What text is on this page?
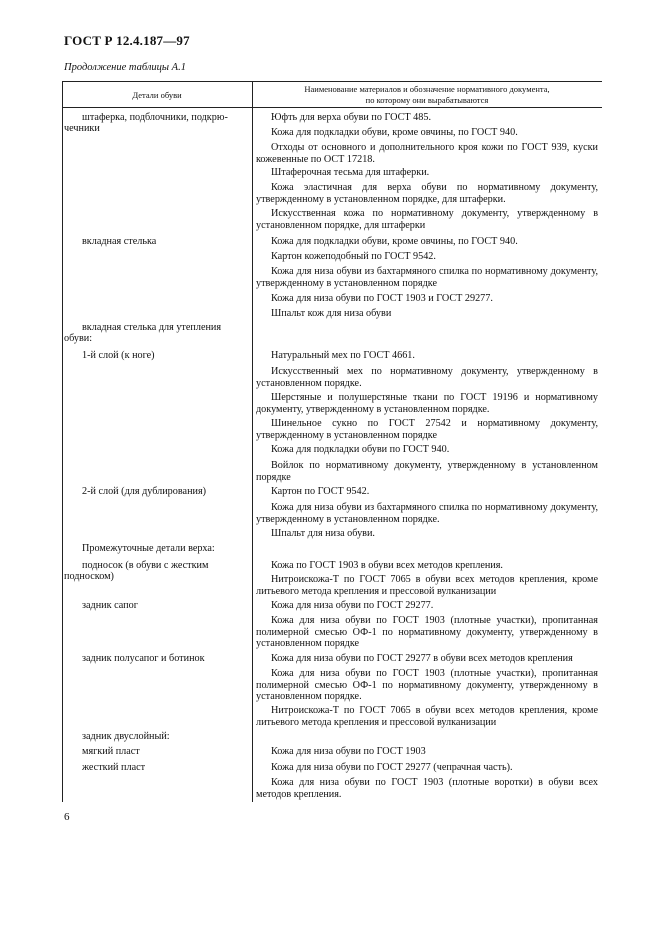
ГОСТ Р 12.4.187—97
Продолжение таблицы А.1
Детали обуви
Наименование материалов и обозначение нормативного документа,
по которому они вырабатываются
штаферка, подблочники, подкрю-
чечники
вкладная стелька
вкладная стелька для утепления
обуви:
1-й слой (к ноге)
2-й слой (для дублирования)
Промежуточные детали верха:
подносок (в обуви с жестким
подноском)
задник сапог
задник полусапог и ботинок
задник двуслойный:
мягкий пласт
жесткий пласт
Юфть для верха обуви по ГОСТ 485.
Кожа для подкладки обуви, кроме овчины, по ГОСТ 940.
Отходы от основного и дополнительного кроя кожи по ГОСТ 939, куски кожевенные по ОСТ 17218.
Штаферочная тесьма для штаферки.
Кожа эластичная для верха обуви по нормативному документу, утвержденному в установленном порядке, для штаферки.
Искусственная кожа по нормативному документу, утвержденному в установленном порядке, для штаферки
Кожа для подкладки обуви, кроме овчины, по ГОСТ 940.
Картон кожеподобный по ГОСТ 9542.
Кожа для низа обуви из бахтармяного спилка по нормативному документу, утвержденному в установленном порядке
Кожа для низа обуви по ГОСТ 1903 и ГОСТ 29277.
Шпальт кож для низа обуви
Натуральный мех по ГОСТ 4661.
Искусственный мех по нормативному документу, утвержденному в установленном порядке.
Шерстяные и полушерстяные ткани по ГОСТ 19196 и нормативному документу, утвержденному в установленном порядке.
Шинельное сукно по ГОСТ 27542 и нормативному документу, утвержденному в установленном порядке
Кожа для подкладки обуви по ГОСТ 940.
Войлок по нормативному документу, утвержденному в установленном порядке
Картон по ГОСТ 9542.
Кожа для низа обуви из бахтармяного спилка по нормативному документу, утвержденному в установленном порядке.
Шпальт для низа обуви.
Кожа по ГОСТ 1903 в обуви всех методов крепления.
Нитроискожа-Т по ГОСТ 7065 в обуви всех методов крепления, кроме литьевого метода крепления и прессовой вулканизации
Кожа для низа обуви по ГОСТ 29277.
Кожа для низа обуви по ГОСТ 1903 (плотные участки), пропитанная полимерной смесью ОФ-1 по нормативному документу, утвержденному в установленном порядке
Кожа для низа обуви по ГОСТ 29277 в обуви всех методов крепления
Кожа для низа обуви по ГОСТ 1903 (плотные участки), пропитанная полимерной смесью ОФ-1 по нормативному документу, утвержденному в установленном порядке.
Нитроискожа-Т по ГОСТ 7065 в обуви всех методов крепления, кроме литьевого метода крепления и прессовой вулканизации
Кожа для низа обуви по ГОСТ 1903
Кожа для низа обуви по ГОСТ 29277 (чепрачная часть).
Кожа для низа обуви по ГОСТ 1903 (плотные воротки) в обуви всех методов крепления.
6
